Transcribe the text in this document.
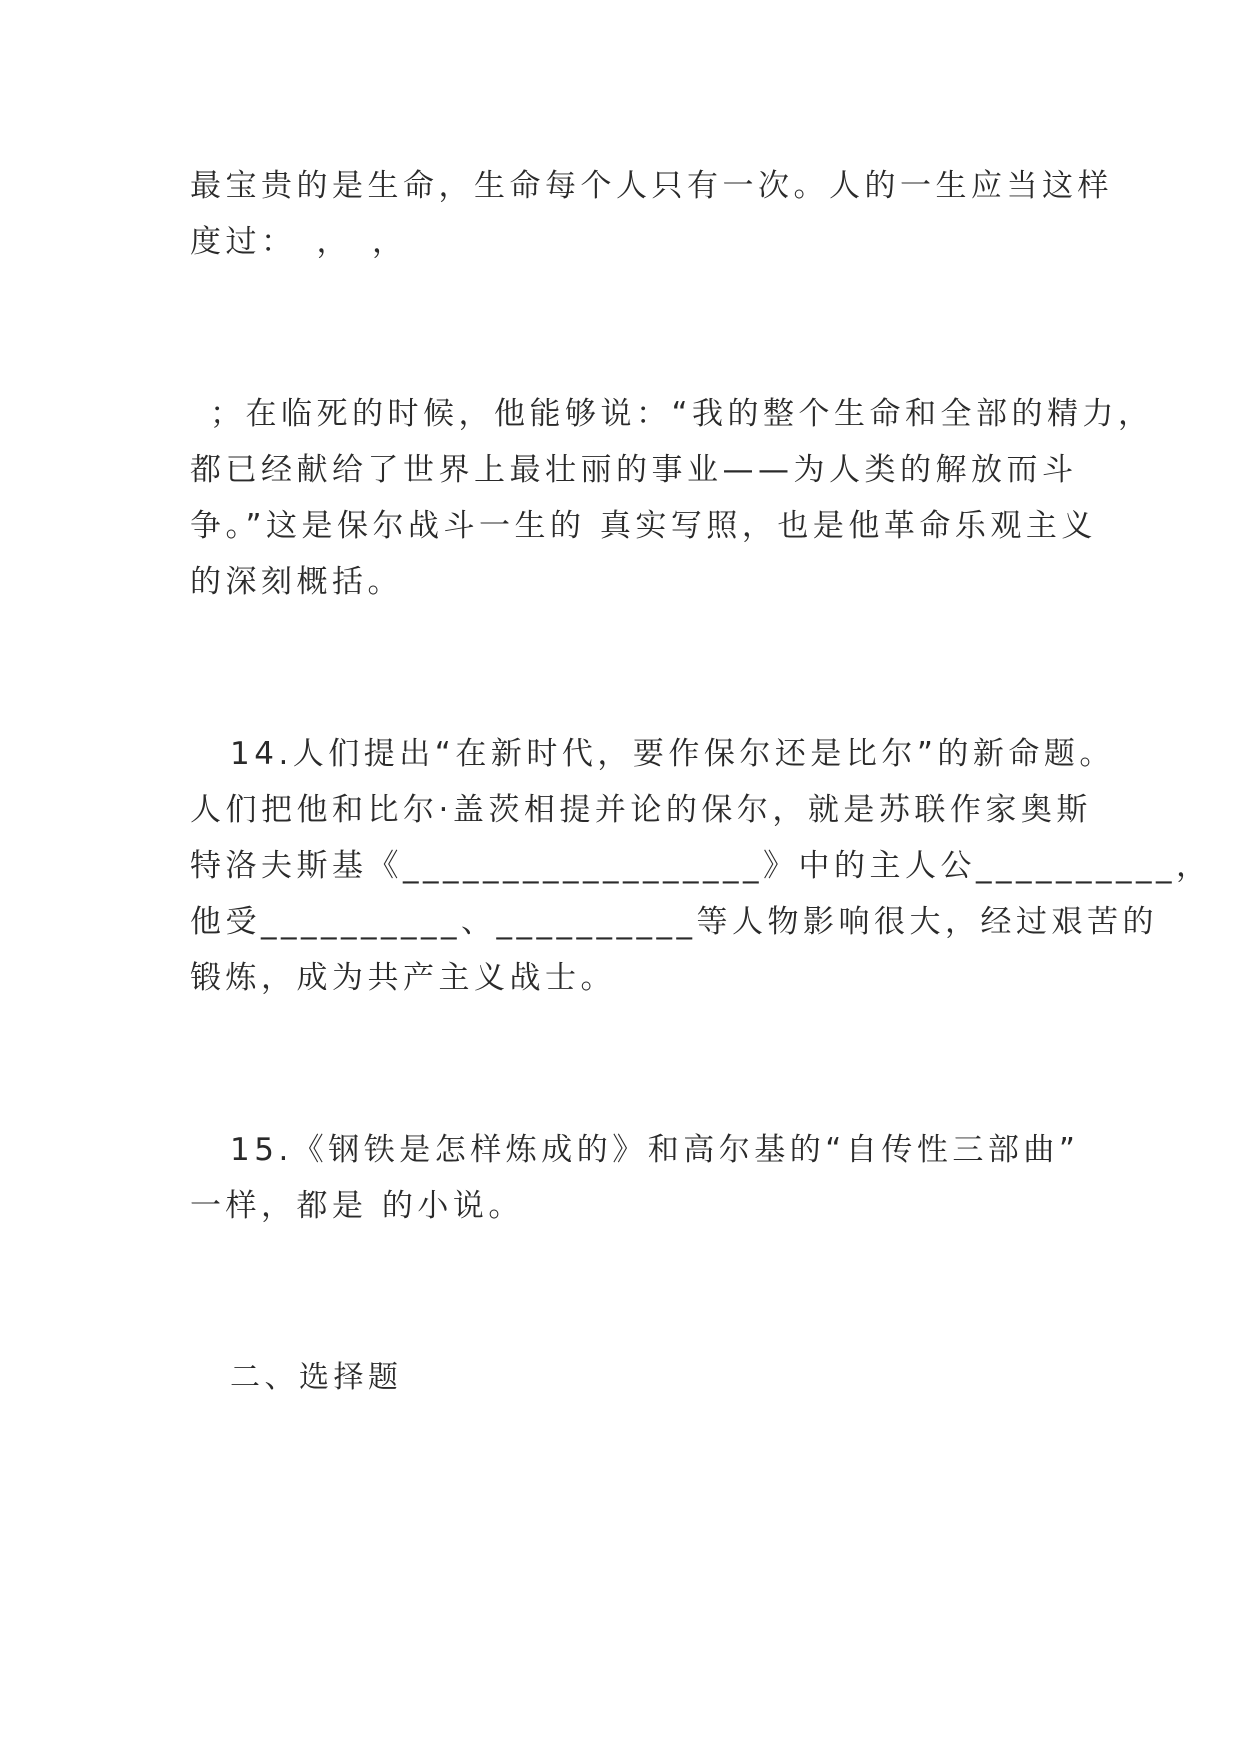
最宝贵的是生命，生命每个人只有一次。人的一生应当这样
度过：　，　，
；在临死的时候，他能够说：“我的整个生命和全部的精力，
都已经献给了世界上最壮丽的事业——为人类的解放而斗
争。”这是保尔战斗一生的 真实写照，也是他革命乐观主义
的深刻概括。
14.人们提出“在新时代，要作保尔还是比尔”的新命题。
人们把他和比尔·盖茨相提并论的保尔，就是苏联作家奥斯
特洛夫斯基《__________________》中的主人公__________，
他受__________、__________等人物影响很大，经过艰苦的
锻炼，成为共产主义战士。
15.《钢铁是怎样炼成的》和高尔基的“自传性三部曲”
一样，都是 的小说。
二、选择题
